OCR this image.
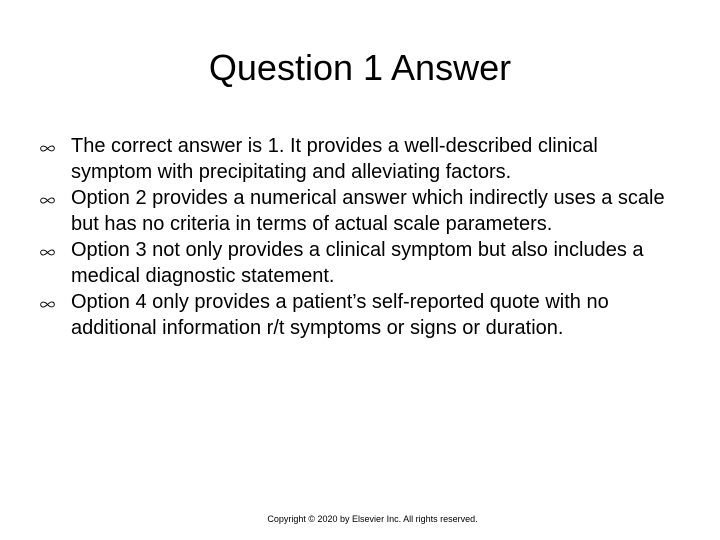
Question 1 Answer
The correct answer is 1. It provides a well-described clinical symptom with precipitating and alleviating factors.
Option 2 provides a numerical answer which indirectly uses a scale but has no criteria in terms of actual scale parameters.
Option 3 not only provides a clinical symptom but also includes a medical diagnostic statement.
Option 4 only provides a patient’s self-reported quote with no additional information r/t symptoms or signs or duration.
Copyright © 2020 by Elsevier Inc. All rights reserved.
